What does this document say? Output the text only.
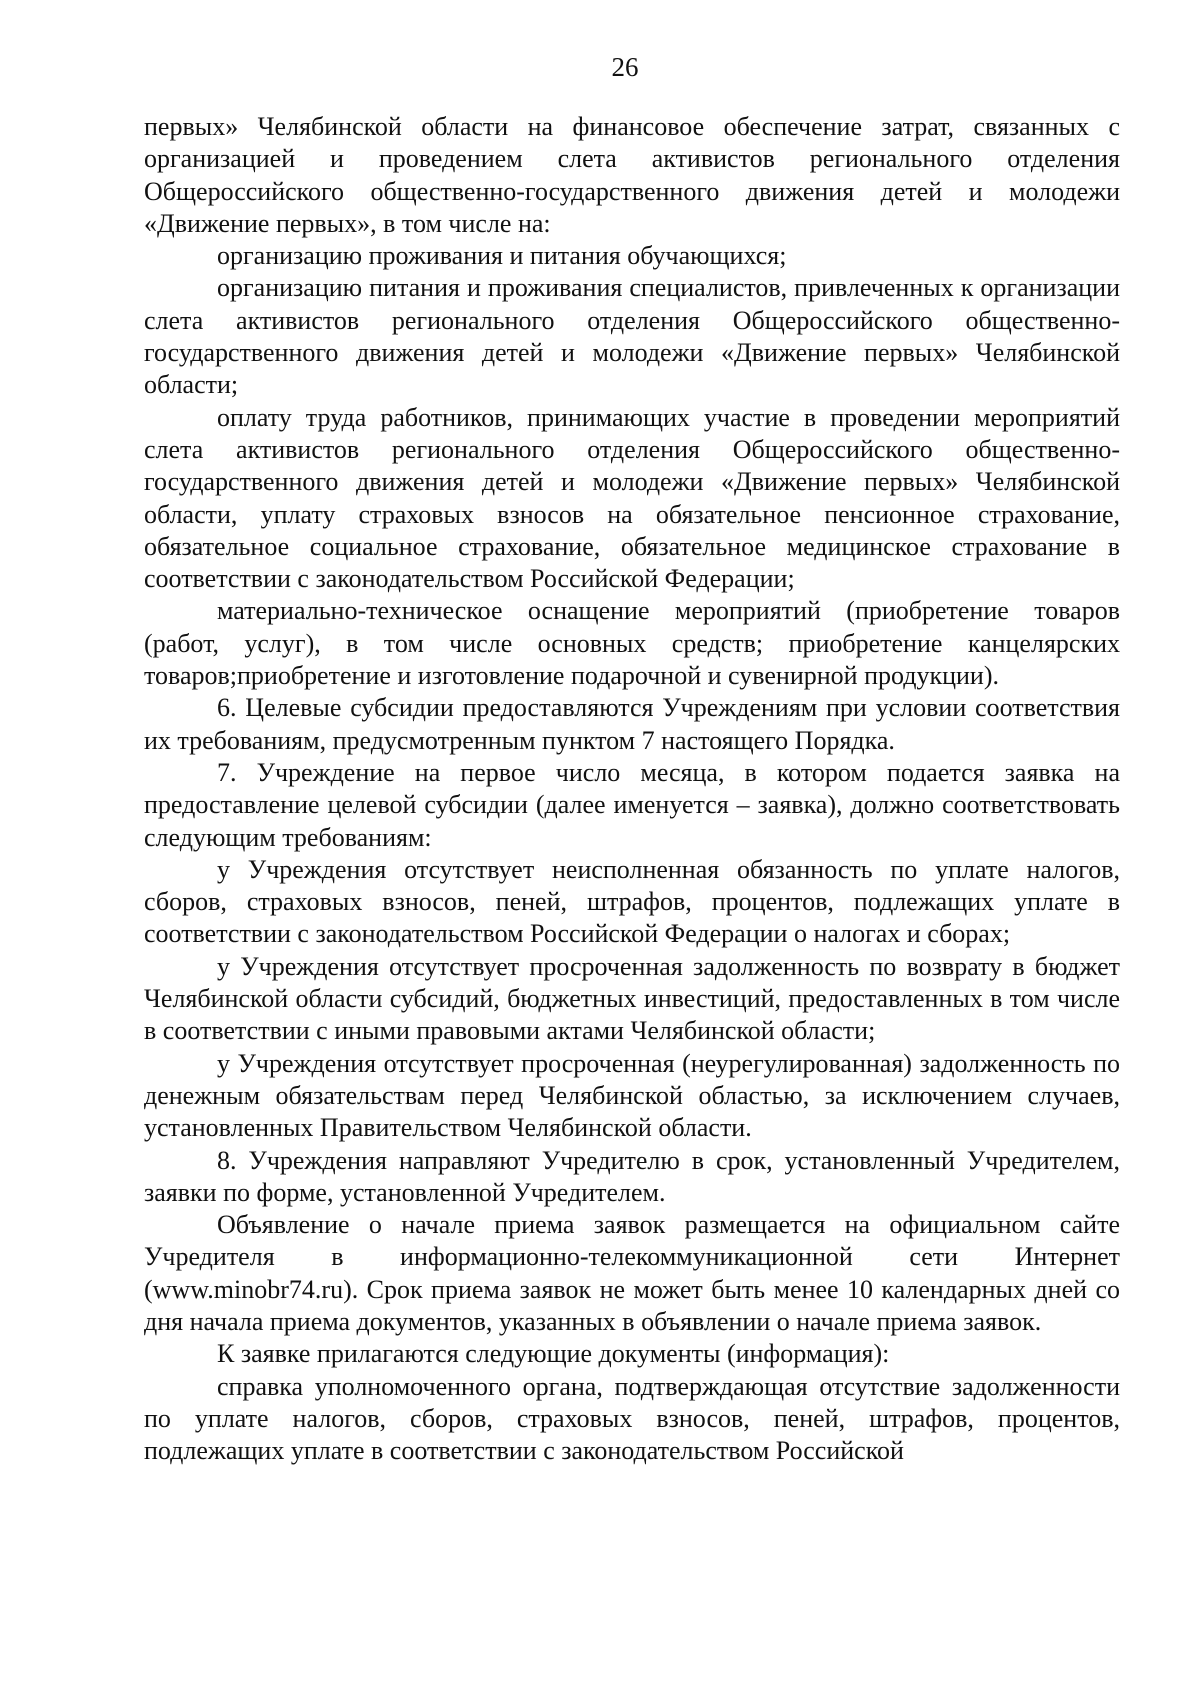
26

первых» Челябинской области на финансовое обеспечение затрат, связанных с организацией и проведением слета активистов регионального отделения Общероссийского общественно-государственного движения детей и молодежи «Движение первых», в том числе на:

организацию проживания и питания обучающихся;

организацию питания и проживания специалистов, привлеченных к организации слета активистов регионального отделения Общероссийского общественно-государственного движения детей и молодежи «Движение первых» Челябинской области;

оплату труда работников, принимающих участие в проведении мероприятий слета активистов регионального отделения Общероссийского общественно-государственного движения детей и молодежи «Движение первых» Челябинской области, уплату страховых взносов на обязательное пенсионное страхование, обязательное социальное страхование, обязательное медицинское страхование в соответствии с законодательством Российской Федерации;

материально-техническое оснащение мероприятий (приобретение товаров (работ, услуг), в том числе основных средств; приобретение канцелярских товаров;приобретение и изготовление подарочной и сувенирной продукции).

6. Целевые субсидии предоставляются Учреждениям при условии соответствия их требованиям, предусмотренным пунктом 7 настоящего Порядка.

7. Учреждение на первое число месяца, в котором подается заявка на предоставление целевой субсидии (далее именуется – заявка), должно соответствовать следующим требованиям:

у Учреждения отсутствует неисполненная обязанность по уплате налогов, сборов, страховых взносов, пеней, штрафов, процентов, подлежащих уплате в соответствии с законодательством Российской Федерации о налогах и сборах;

у Учреждения отсутствует просроченная задолженность по возврату в бюджет Челябинской области субсидий, бюджетных инвестиций, предоставленных в том числе в соответствии с иными правовыми актами Челябинской области;

у Учреждения отсутствует просроченная (неурегулированная) задолженность по денежным обязательствам перед Челябинской областью, за исключением случаев, установленных Правительством Челябинской области.

8. Учреждения направляют Учредителю в срок, установленный Учредителем, заявки по форме, установленной Учредителем.

Объявление о начале приема заявок размещается на официальном сайте Учредителя в информационно-телекоммуникационной сети Интернет (www.minobr74.ru). Срок приема заявок не может быть менее 10 календарных дней со дня начала приема документов, указанных в объявлении о начале приема заявок.

К заявке прилагаются следующие документы (информация):

справка уполномоченного органа, подтверждающая отсутствие задолженности по уплате налогов, сборов, страховых взносов, пеней, штрафов, процентов, подлежащих уплате в соответствии с законодательством Российской
